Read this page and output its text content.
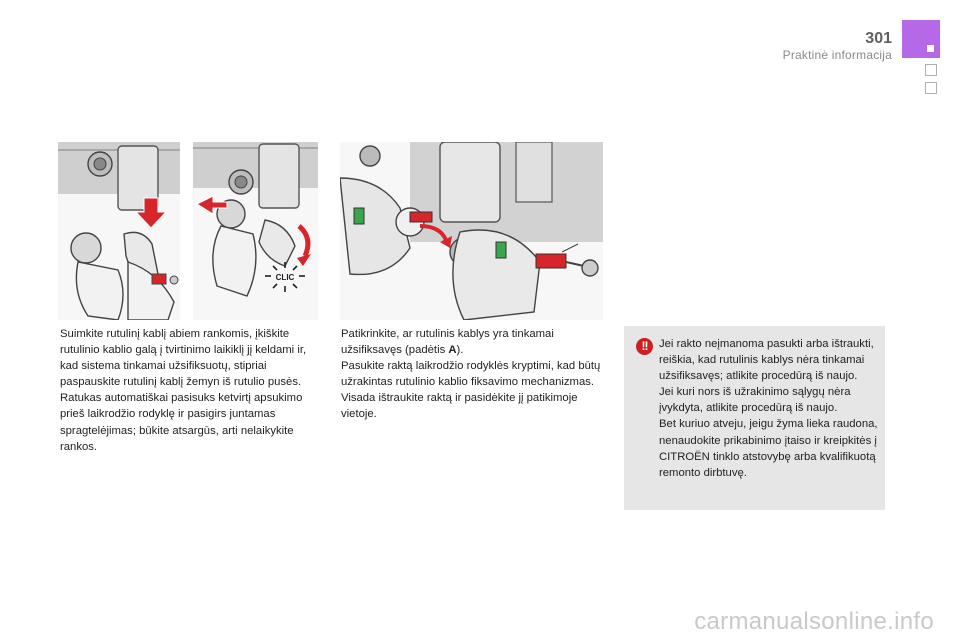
301
Praktinė informacija
CLIC

Suimkite rutulinį kablį abiem rankomis, įkiškite rutulinio kablio galą į tvirtinimo laikiklį jį keldami ir, kad sistema tinkamai užsifiksuotų, stipriai paspauskite rutulinį kablį žemyn iš rutulio pusės.

Ratukas automatiškai pasisuks ketvirtį apsukimo prieš laikrodžio rodyklę ir pasigirs juntamas spragtelėjimas; būkite atsargūs, arti nelaikykite rankos.

Patikrinkite, ar rutulinis kablys yra tinkamai užsifiksavęs (padėtis A).

Pasukite raktą laikrodžio rodyklės kryptimi, kad būtų užrakintas rutulinio kablio fiksavimo mechanizmas.

Visada ištraukite raktą ir pasidėkite jį patikimoje vietoje.

!!	Jei rakto neįmanoma pasukti arba ištraukti, reiškia, kad rutulinis kablys nėra tinkamai užsifiksavęs; atlikite procedūrą iš naujo.

Jei kuri nors iš užrakinimo sąlygų nėra įvykdyta, atlikite procedūrą iš naujo.

Bet kuriuo atveju, jeigu žyma lieka raudona, nenaudokite prikabinimo įtaiso ir kreipkitės į CITROËN tinklo atstovybę arba kvalifikuotą remonto dirbtuvę.

carmanualsonline.info
